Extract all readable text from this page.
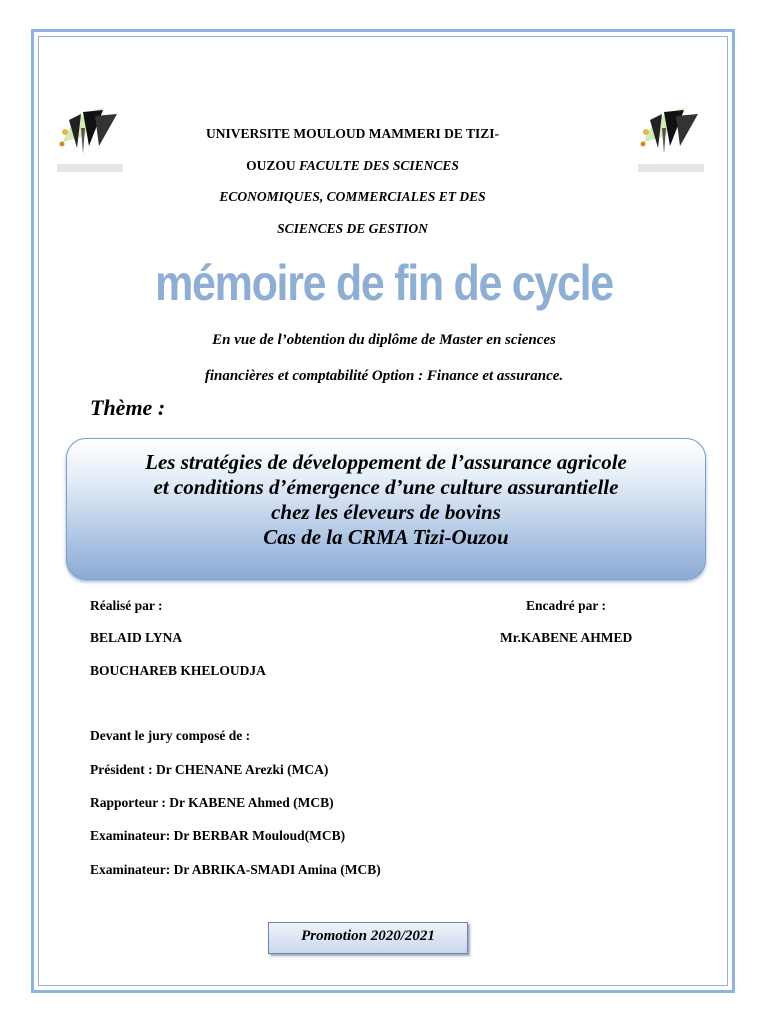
UNIVERSITE MOULOUD MAMMERI DE TIZI-
OUZOU FACULTE DES SCIENCES
ECONOMIQUES, COMMERCIALES ET DES
SCIENCES DE GESTION
mémoire de fin de cycle
En vue de l’obtention du diplôme de Master en sciences
financières et comptabilité Option : Finance et assurance.
Thème :
Les stratégies de développement de l’assurance agricole
et conditions d’émergence d’une culture assurantielle
chez les éleveurs de bovins
Cas de la CRMA Tizi-Ouzou
Réalisé par :	Encadré par :
BELAID LYNA	Mr.KABENE AHMED
BOUCHAREB KHELOUDJA
Devant le jury composé de :
Président : Dr CHENANE Arezki (MCA)
Rapporteur : Dr KABENE Ahmed (MCB)
Examinateur: Dr BERBAR Mouloud(MCB)
Examinateur: Dr ABRIKA-SMADI Amina (MCB)
Promotion 2020/2021
